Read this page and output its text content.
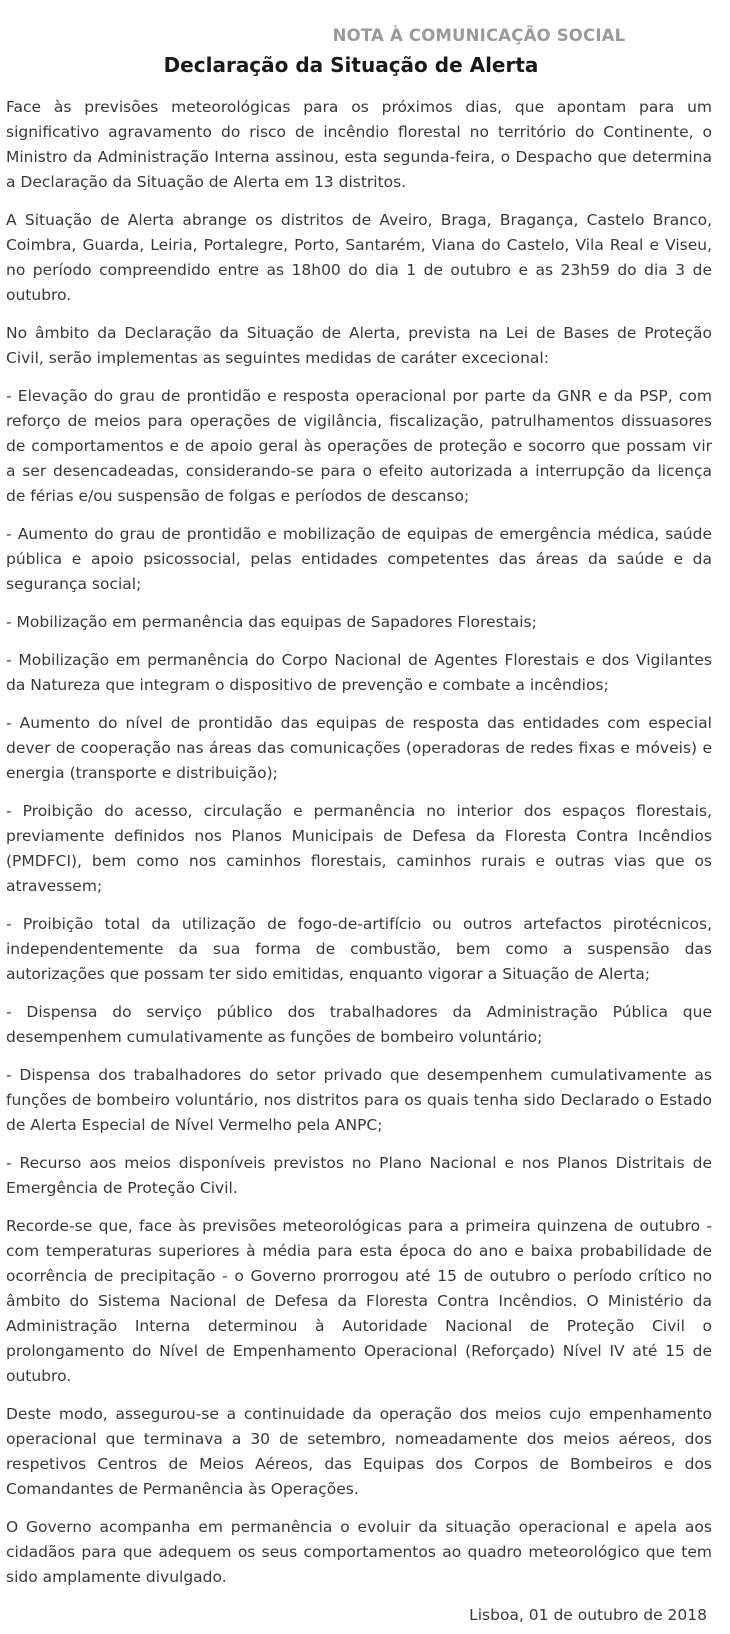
NOTA À COMUNICAÇÃO SOCIAL

Declaração da Situação de Alerta

Face às previsões meteorológicas para os próximos dias, que apontam para um significativo agravamento do risco de incêndio florestal no território do Continente, o Ministro da Administração Interna assinou, esta segunda-feira, o Despacho que determina a Declaração da Situação de Alerta em 13 distritos.

A Situação de Alerta abrange os distritos de Aveiro, Braga, Bragança, Castelo Branco, Coimbra, Guarda, Leiria, Portalegre, Porto, Santarém, Viana do Castelo, Vila Real e Viseu, no período compreendido entre as 18h00 do dia 1 de outubro e as 23h59 do dia 3 de outubro.

No âmbito da Declaração da Situação de Alerta, prevista na Lei de Bases de Proteção Civil, serão implementas as seguintes medidas de caráter excecional:

- Elevação do grau de prontidão e resposta operacional por parte da GNR e da PSP, com reforço de meios para operações de vigilância, fiscalização, patrulhamentos dissuasores de comportamentos e de apoio geral às operações de proteção e socorro que possam vir a ser desencadeadas, considerando-se para o efeito autorizada a interrupção da licença de férias e/ou suspensão de folgas e períodos de descanso;

- Aumento do grau de prontidão e mobilização de equipas de emergência médica, saúde pública e apoio psicossocial, pelas entidades competentes das áreas da saúde e da segurança social;

- Mobilização em permanência das equipas de Sapadores Florestais;

- Mobilização em permanência do Corpo Nacional de Agentes Florestais e dos Vigilantes da Natureza que integram o dispositivo de prevenção e combate a incêndios;

- Aumento do nível de prontidão das equipas de resposta das entidades com especial dever de cooperação nas áreas das comunicações (operadoras de redes fixas e móveis) e energia (transporte e distribuição);

- Proibição do acesso, circulação e permanência no interior dos espaços florestais, previamente definidos nos Planos Municipais de Defesa da Floresta Contra Incêndios (PMDFCI), bem como nos caminhos florestais, caminhos rurais e outras vias que os atravessem;

- Proibição total da utilização de fogo-de-artifício ou outros artefactos pirotécnicos, independentemente da sua forma de combustão, bem como a suspensão das autorizações que possam ter sido emitidas, enquanto vigorar a Situação de Alerta;

- Dispensa do serviço público dos trabalhadores da Administração Pública que desempenhem cumulativamente as funções de bombeiro voluntário;

- Dispensa dos trabalhadores do setor privado que desempenhem cumulativamente as funções de bombeiro voluntário, nos distritos para os quais tenha sido Declarado o Estado de Alerta Especial de Nível Vermelho pela ANPC;

- Recurso aos meios disponíveis previstos no Plano Nacional e nos Planos Distritais de Emergência de Proteção Civil.

Recorde-se que, face às previsões meteorológicas para a primeira quinzena de outubro - com temperaturas superiores à média para esta época do ano e baixa probabilidade de ocorrência de precipitação - o Governo prorrogou até 15 de outubro o período crítico no âmbito do Sistema Nacional de Defesa da Floresta Contra Incêndios. O Ministério da Administração Interna determinou à Autoridade Nacional de Proteção Civil o prolongamento do Nível de Empenhamento Operacional (Reforçado) Nível IV até 15 de outubro.

Deste modo, assegurou-se a continuidade da operação dos meios cujo empenhamento operacional que terminava a 30 de setembro, nomeadamente dos meios aéreos, dos respetivos Centros de Meios Aéreos, das Equipas dos Corpos de Bombeiros e dos Comandantes de Permanência às Operações.

O Governo acompanha em permanência o evoluir da situação operacional e apela aos cidadãos para que adequem os seus comportamentos ao quadro meteorológico que tem sido amplamente divulgado.

Lisboa, 01 de outubro de 2018
